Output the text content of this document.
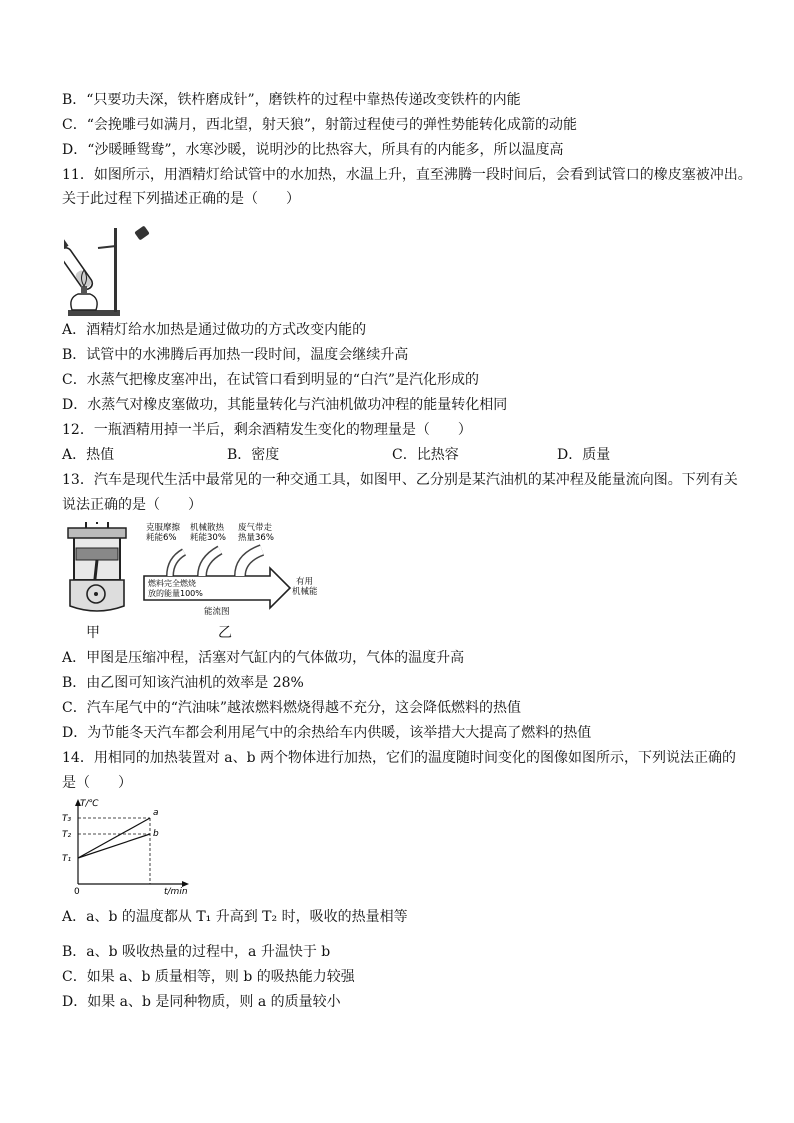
B．“只要功夫深，铁杵磨成针”，磨铁杵的过程中靠热传递改变铁杵的内能
C．“会挽雕弓如满月，西北望，射天狼”，射箭过程使弓的弹性势能转化成箭的动能
D．“沙暖睡鸳鸯”，水寒沙暖，说明沙的比热容大，所具有的内能多，所以温度高
11．如图所示，用酒精灯给试管中的水加热，水温上升，直至沸腾一段时间后，会看到试管口的橡皮塞被冲出。
关于此过程下列描述正确的是（　　）
A．酒精灯给水加热是通过做功的方式改变内能的
B．试管中的水沸腾后再加热一段时间，温度会继续升高
C．水蒸气把橡皮塞冲出，在试管口看到明显的“白汽”是汽化形成的
D．水蒸气对橡皮塞做功，其能量转化与汽油机做功冲程的能量转化相同
12．一瓶酒精用掉一半后，剩余酒精发生变化的物理量是（　　）
A．热值	B．密度	C．比热容	D．质量
13．汽车是现代生活中最常见的一种交通工具，如图甲、乙分别是某汽油机的某冲程及能量流向图。下列有关
说法正确的是（　　）
克服摩擦
耗能6%
机械散热
耗能30%
废气带走
热量36%
燃料完全燃烧
放的能量100%
有用
机械能
能流图
甲	乙
A．甲图是压缩冲程，活塞对气缸内的气体做功，气体的温度升高
B．由乙图可知该汽油机的效率是 28%
C．汽车尾气中的“汽油味”越浓燃料燃烧得越不充分，这会降低燃料的热值
D．为节能冬天汽车都会利用尾气中的余热给车内供暖，该举措大大提高了燃料的热值
14．用相同的加热装置对 a、b 两个物体进行加热，它们的温度随时间变化的图像如图所示，下列说法正确的
是（　　）
T/℃
t/min
0
T₃
T₂
T₁
a
b
A．a、b 的温度都从 T₁ 升高到 T₂ 时，吸收的热量相等
B．a、b 吸收热量的过程中，a 升温快于 b
C．如果 a、b 质量相等，则 b 的吸热能力较强
D．如果 a、b 是同种物质，则 a 的质量较小
